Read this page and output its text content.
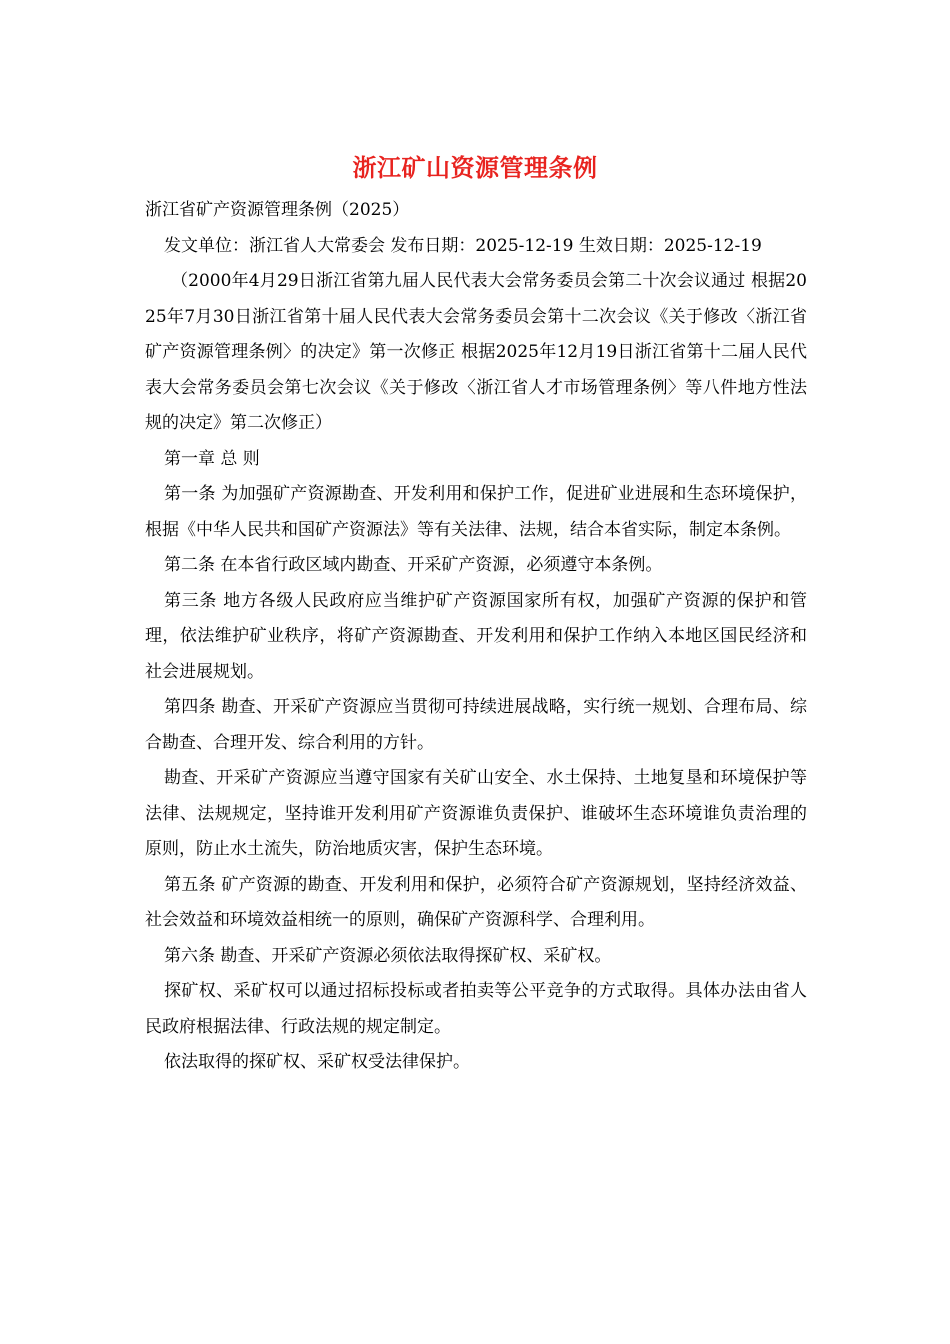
浙江矿山资源管理条例

浙江省矿产资源管理条例（2025）

发文单位：浙江省人大常委会 发布日期：2025-12-19 生效日期：2025-12-19

（2000年4月29日浙江省第九届人民代表大会常务委员会第二十次会议通过 根据2025年7月30日浙江省第十届人民代表大会常务委员会第十二次会议《关于修改〈浙江省矿产资源管理条例〉的决定》第一次修正 根据2025年12月19日浙江省第十二届人民代表大会常务委员会第七次会议《关于修改〈浙江省人才市场管理条例〉等八件地方性法规的决定》第二次修正）

第一章 总 则

第一条 为加强矿产资源勘查、开发利用和保护工作，促进矿业进展和生态环境保护，根据《中华人民共和国矿产资源法》等有关法律、法规，结合本省实际，制定本条例。

第二条 在本省行政区域内勘查、开采矿产资源，必须遵守本条例。

第三条 地方各级人民政府应当维护矿产资源国家所有权，加强矿产资源的保护和管理，依法维护矿业秩序，将矿产资源勘查、开发利用和保护工作纳入本地区国民经济和社会进展规划。

第四条 勘查、开采矿产资源应当贯彻可持续进展战略，实行统一规划、合理布局、综合勘查、合理开发、综合利用的方针。

勘查、开采矿产资源应当遵守国家有关矿山安全、水土保持、土地复垦和环境保护等法律、法规规定，坚持谁开发利用矿产资源谁负责保护、谁破坏生态环境谁负责治理的原则，防止水土流失，防治地质灾害，保护生态环境。

第五条 矿产资源的勘查、开发利用和保护，必须符合矿产资源规划，坚持经济效益、社会效益和环境效益相统一的原则，确保矿产资源科学、合理利用。

第六条 勘查、开采矿产资源必须依法取得探矿权、采矿权。

探矿权、采矿权可以通过招标投标或者拍卖等公平竞争的方式取得。具体办法由省人民政府根据法律、行政法规的规定制定。

依法取得的探矿权、采矿权受法律保护。
